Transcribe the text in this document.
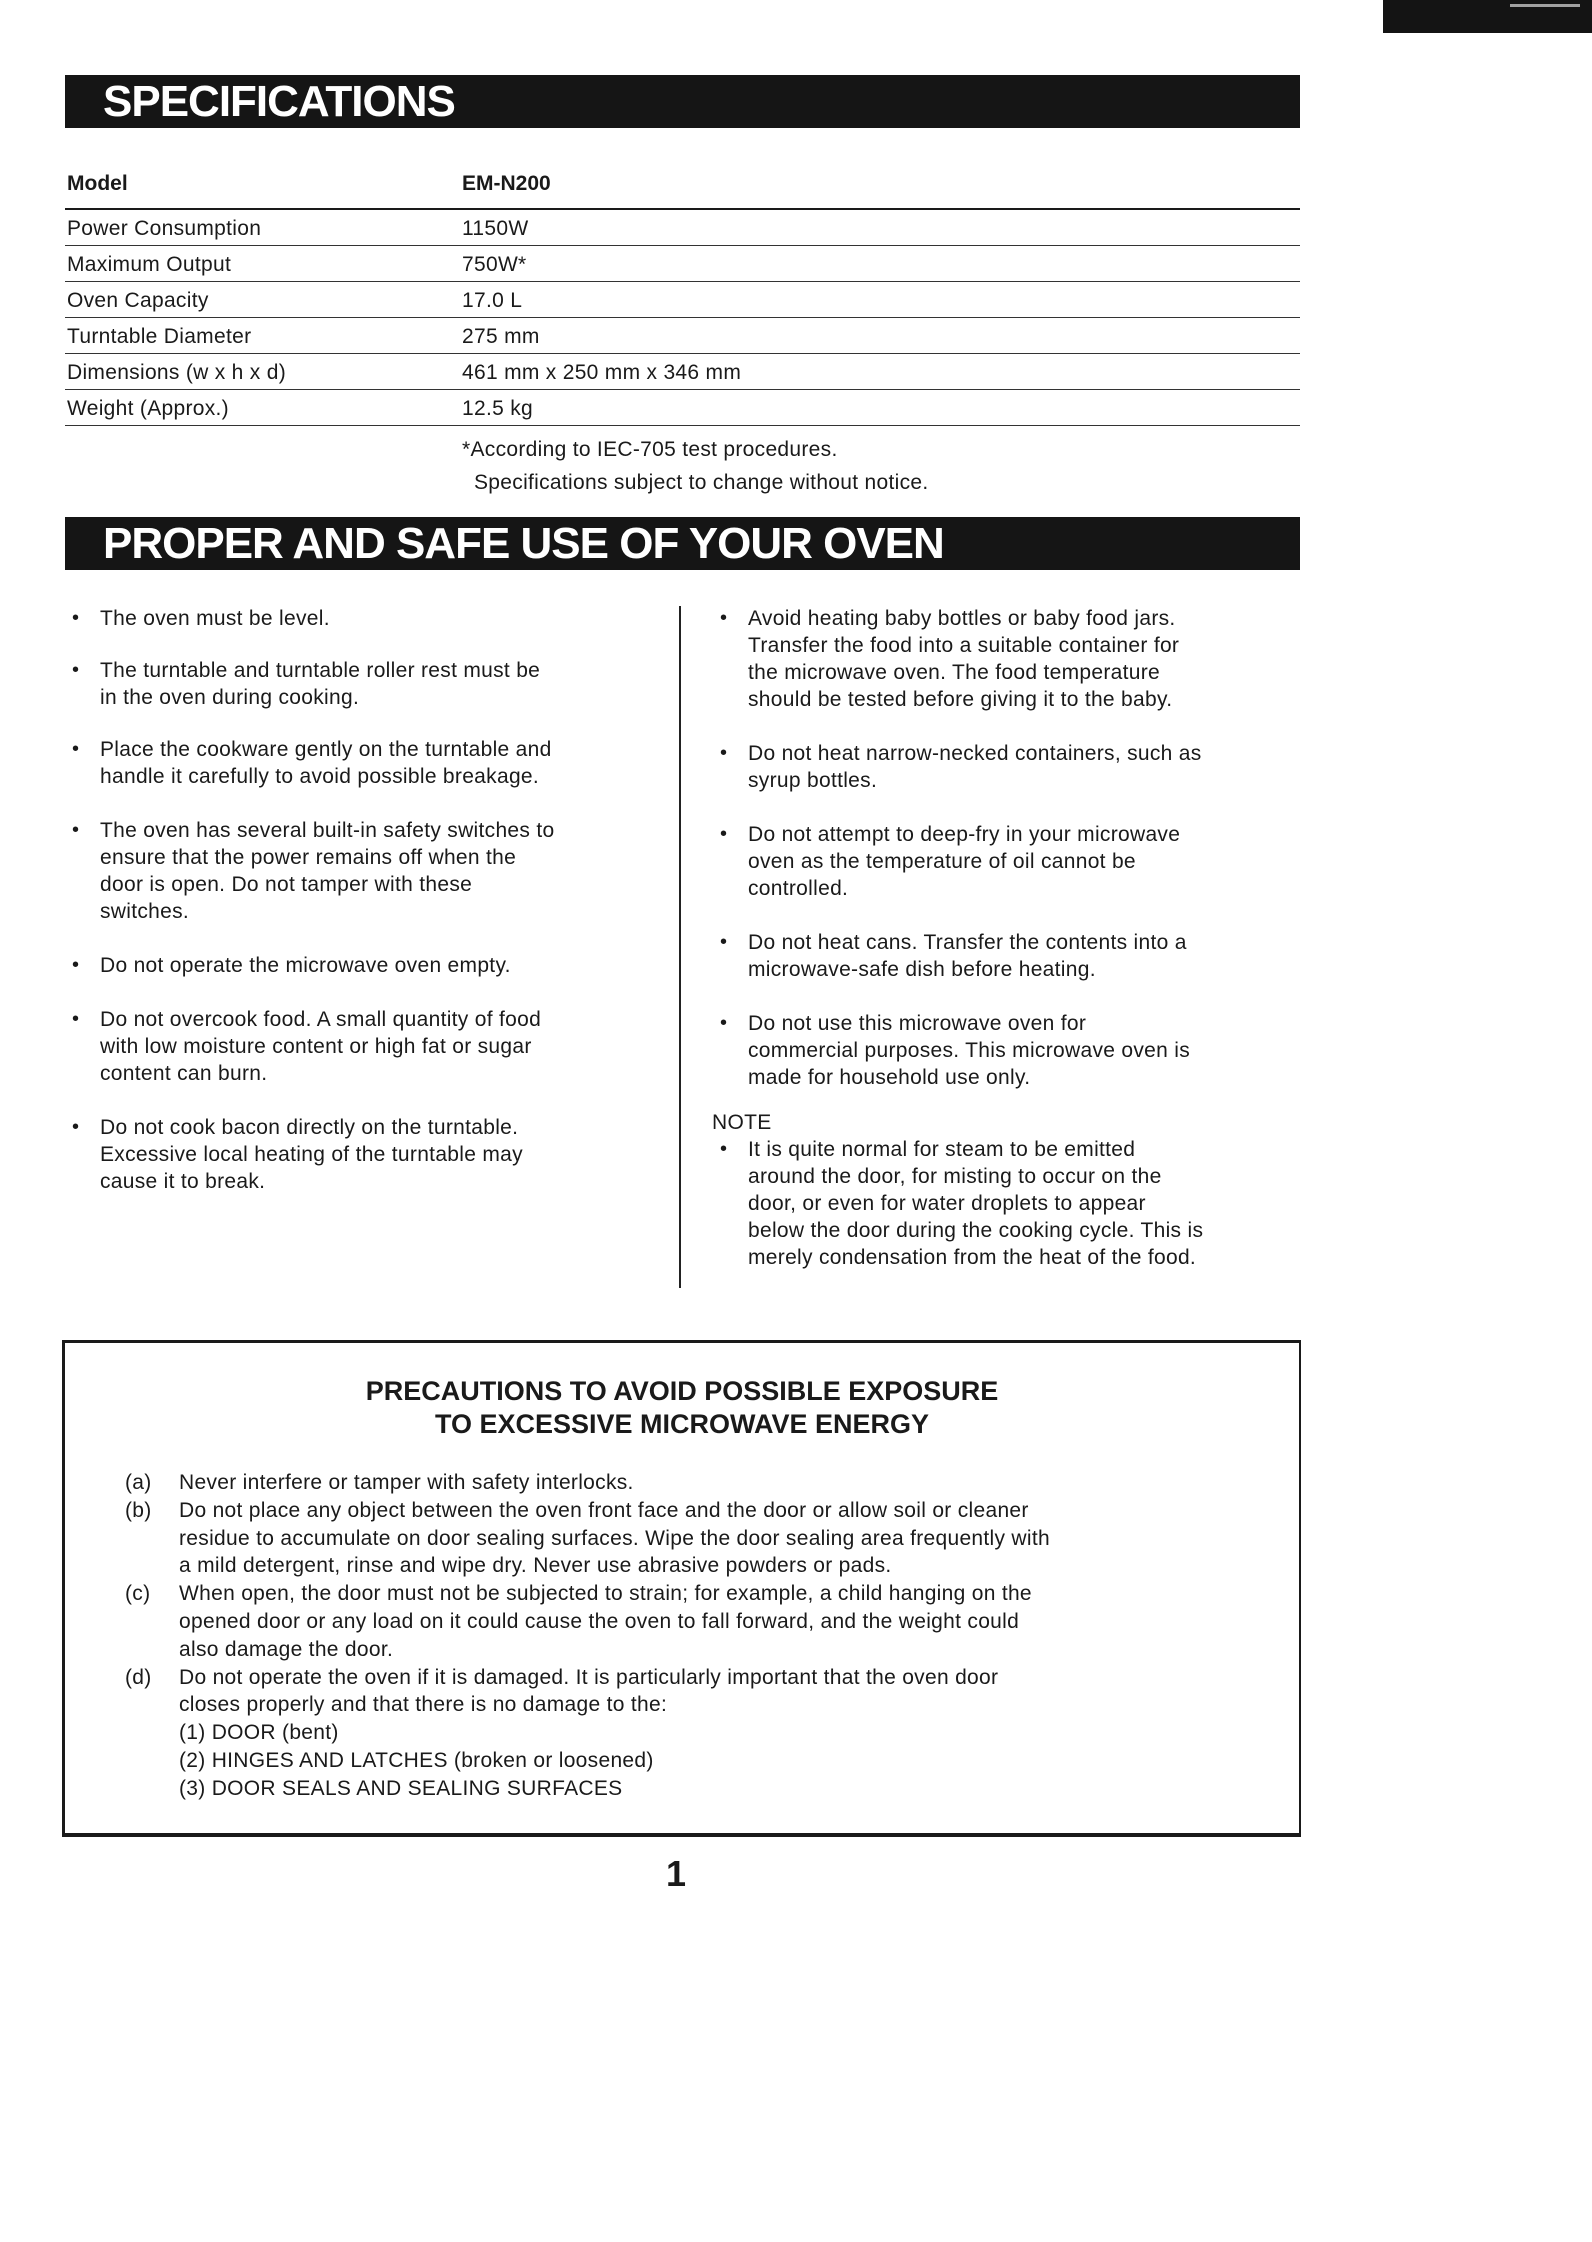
SPECIFICATIONS
Model	EM-N200
Power Consumption	1150W
Maximum Output	750W*
Oven Capacity	17.0 L
Turntable Diameter	275 mm
Dimensions (w x h x d)	461 mm x 250 mm x 346 mm
Weight (Approx.)	12.5 kg
*According to IEC-705 test procedures.
Specifications subject to change without notice.
PROPER AND SAFE USE OF YOUR OVEN
• The oven must be level.
• The turntable and turntable roller rest must be
in the oven during cooking.
• Place the cookware gently on the turntable and
handle it carefully to avoid possible breakage.
• The oven has several built-in safety switches to
ensure that the power remains off when the
door is open. Do not tamper with these
switches.
• Do not operate the microwave oven empty.
• Do not overcook food. A small quantity of food
with low moisture content or high fat or sugar
content can burn.
• Do not cook bacon directly on the turntable.
Excessive local heating of the turntable may
cause it to break.
• Avoid heating baby bottles or baby food jars.
Transfer the food into a suitable container for
the microwave oven. The food temperature
should be tested before giving it to the baby.
• Do not heat narrow-necked containers, such as
syrup bottles.
• Do not attempt to deep-fry in your microwave
oven as the temperature of oil cannot be
controlled.
• Do not heat cans. Transfer the contents into a
microwave-safe dish before heating.
• Do not use this microwave oven for
commercial purposes. This microwave oven is
made for household use only.
NOTE
• It is quite normal for steam to be emitted
around the door, for misting to occur on the
door, or even for water droplets to appear
below the door during the cooking cycle. This is
merely condensation from the heat of the food.
PRECAUTIONS TO AVOID POSSIBLE EXPOSURE
TO EXCESSIVE MICROWAVE ENERGY
(a) Never interfere or tamper with safety interlocks.
(b) Do not place any object between the oven front face and the door or allow soil or cleaner
residue to accumulate on door sealing surfaces. Wipe the door sealing area frequently with
a mild detergent, rinse and wipe dry. Never use abrasive powders or pads.
(c) When open, the door must not be subjected to strain; for example, a child hanging on the
opened door or any load on it could cause the oven to fall forward, and the weight could
also damage the door.
(d) Do not operate the oven if it is damaged. It is particularly important that the oven door
closes properly and that there is no damage to the:
(1) DOOR (bent)
(2) HINGES AND LATCHES (broken or loosened)
(3) DOOR SEALS AND SEALING SURFACES
1
